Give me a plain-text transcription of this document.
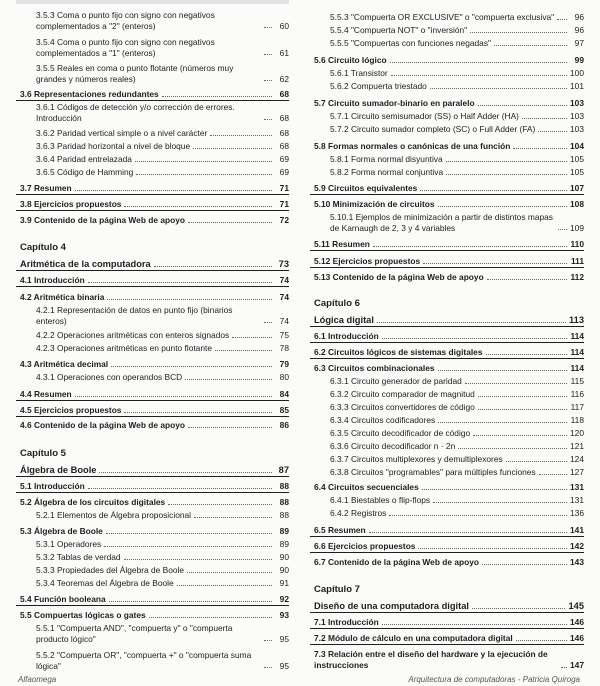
3.5.3 Coma o punto fijo con signo con negativos complementados a "2" (enteros)	60
3.5.4 Coma o punto fijo con signo con negativos complementados a "1" (enteros)	61
3.5.5 Reales en coma o punto flotante (números muy grandes y números reales)	62
3.6 Representaciones redundantes	68
3.6.1 Códigos de detección y/o corrección de errores. Introducción	68
3.6.2 Paridad vertical simple o a nivel carácter	68
3.6.3 Paridad horizontal a nivel de bloque	68
3.6.4 Paridad entrelazada	69
3.6.5 Código de Hamming	69
3.7 Resumen	71
3.8 Ejercicios propuestos	71
3.9 Contenido de la página Web de apoyo	72
Capítulo 4
Aritmética de la computadora	73
4.1 Introducción	74
4.2 Aritmética binaria	74
4.2.1 Representación de datos en punto fijo (binarios enteros)	74
4.2.2 Operaciones aritméticas con enteros signados	75
4.2.3 Operaciones aritméticas en punto flotante	78
4.3 Aritmética decimal	79
4.3.1 Operaciones con operandos BCD	80
4.4 Resumen	84
4.5 Ejercicios propuestos	85
4.6 Contenido de la página Web de apoyo	86
Capítulo 5
Álgebra de Boole	87
5.1 Introducción	88
5.2 Álgebra de los circuitos digitales	88
5.2.1 Elementos de Álgebra proposicional	88
5.3 Álgebra de Boole	89
5.3.1 Operadores	89
5.3.2 Tablas de verdad	90
5.3.3 Propiedades del Álgebra de Boole	90
5.3.4 Teoremas del Álgebra de Boole	91
5.4 Función booleana	92
5.5 Compuertas lógicas o gates	93
5.5.1 "Compuerta AND", "compuerta y" o "compuerta producto lógico"	95
5.5.2 "Compuerta OR", "compuerta +" o "compuerta suma lógica"	95
5.5.3 "Compuerta OR EXCLUSIVE" o "compuerta exclusiva"	96
5.5.4 "Compuerta NOT" o "inversión"	96
5.5.5 "Compuertas con funciones negadas"	97
5.6 Circuito lógico	99
5.6.1 Transistor	100
5.6.2 Compuerta triestado	101
5.7 Circuito sumador-binario en paralelo	103
5.7.1 Circuito semisumador (SS) o Half Adder (HA)	103
5.7.2 Circuito sumador completo (SC) o Full Adder (FA)	103
5.8 Formas normales o canónicas de una función	104
5.8.1 Forma normal disyuntiva	105
5.8.2 Forma normal conjuntiva	105
5.9 Circuitos equivalentes	107
5.10 Minimización de circuitos	108
5.10.1 Ejemplos de minimización a partir de distintos mapas de Karnaugh de 2, 3 y 4 variables	109
5.11 Resumen	110
5.12 Ejercicios propuestos	111
5.13 Contenido de la página Web de apoyo	112
Capítulo 6
Lógica digital	113
6.1 Introducción	114
6.2 Circuitos lógicos de sistemas digitales	114
6.3 Circuitos combinacionales	114
6.3.1 Circuito generador de paridad	115
6.3.2 Circuito comparador de magnitud	116
6.3.3 Circuitos convertidores de código	117
6.3.4 Circuitos codificadores	118
6.3.5 Circuito decodificador de código	120
6.3.6 Circuito decodificador n · 2n	121
6.3.7 Circuitos multiplexores y demultiplexores	124
6.3.8 Circuitos "programables" para múltiples funciones	127
6.4 Circuitos secuenciales	131
6.4.1 Biestables o flip-flops	131
6.4.2 Registros	136
6.5 Resumen	141
6.6 Ejercicios propuestos	142
6.7 Contenido de la página Web de apoyo	143
Capítulo 7
Diseño de una computadora digital	145
7.1 Introducción	146
7.2 Módulo de cálculo en una computadora digital	146
7.3 Relación entre el diseño del hardware y la ejecución de instrucciones	147
Alfaomega	Arquitectura de computadoras - Patricia Quiroga
